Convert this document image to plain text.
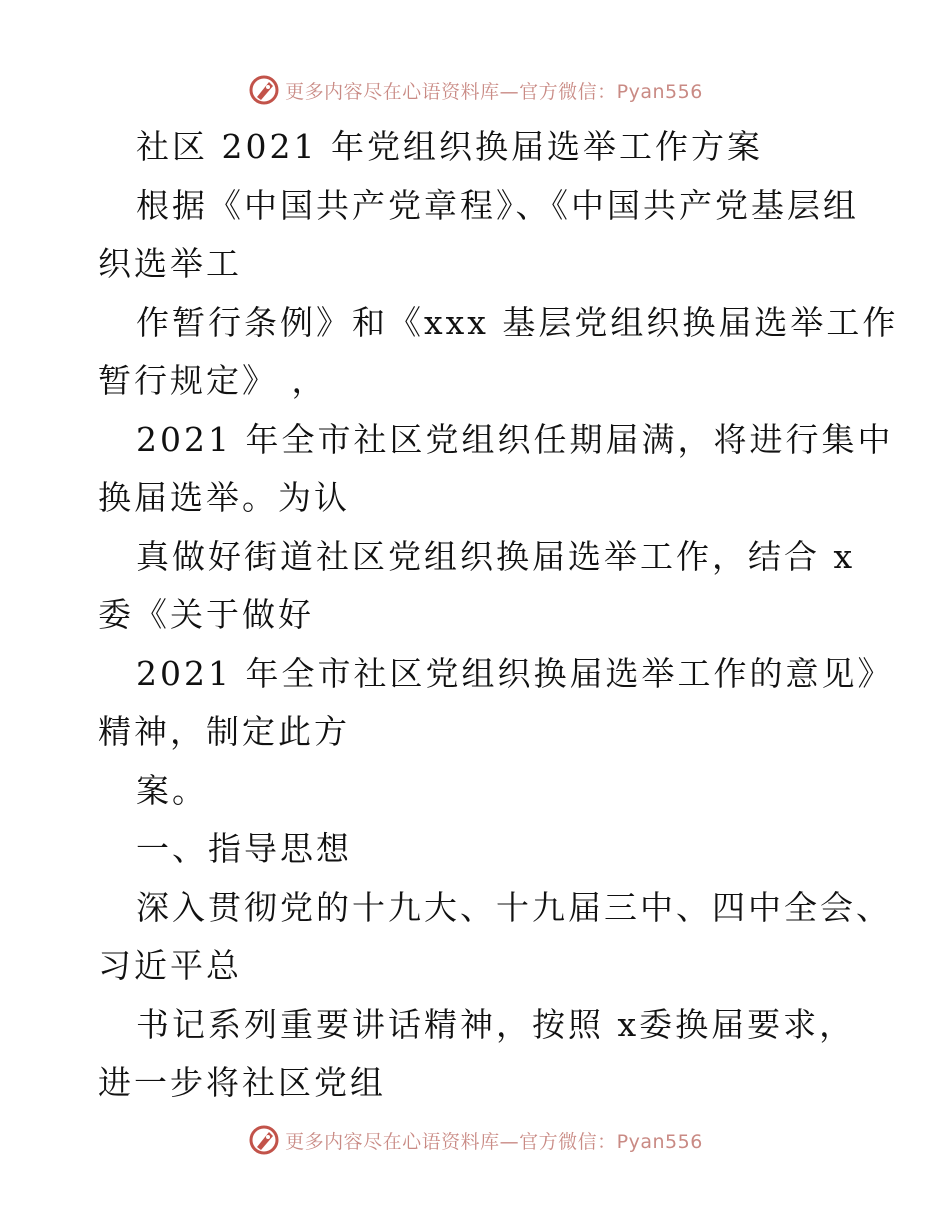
更多内容尽在心语资料库—官方微信：Pyan556
社区 2021 年党组织换届选举工作方案
根据《中国共产党章程》、《中国共产党基层组
织选举工
作暂行条例》和《xxx 基层党组织换届选举工作
暂行规定》 ，
2021 年全市社区党组织任期届满，将进行集中
换届选举。为认
真做好街道社区党组织换届选举工作，结合 x
委《关于做好
2021 年全市社区党组织换届选举工作的意见》
精神，制定此方
案。
一、指导思想
深入贯彻党的十九大、十九届三中、四中全会、
习近平总
书记系列重要讲话精神，按照 x委换届要求，
进一步将社区党组
更多内容尽在心语资料库—官方微信：Pyan556
